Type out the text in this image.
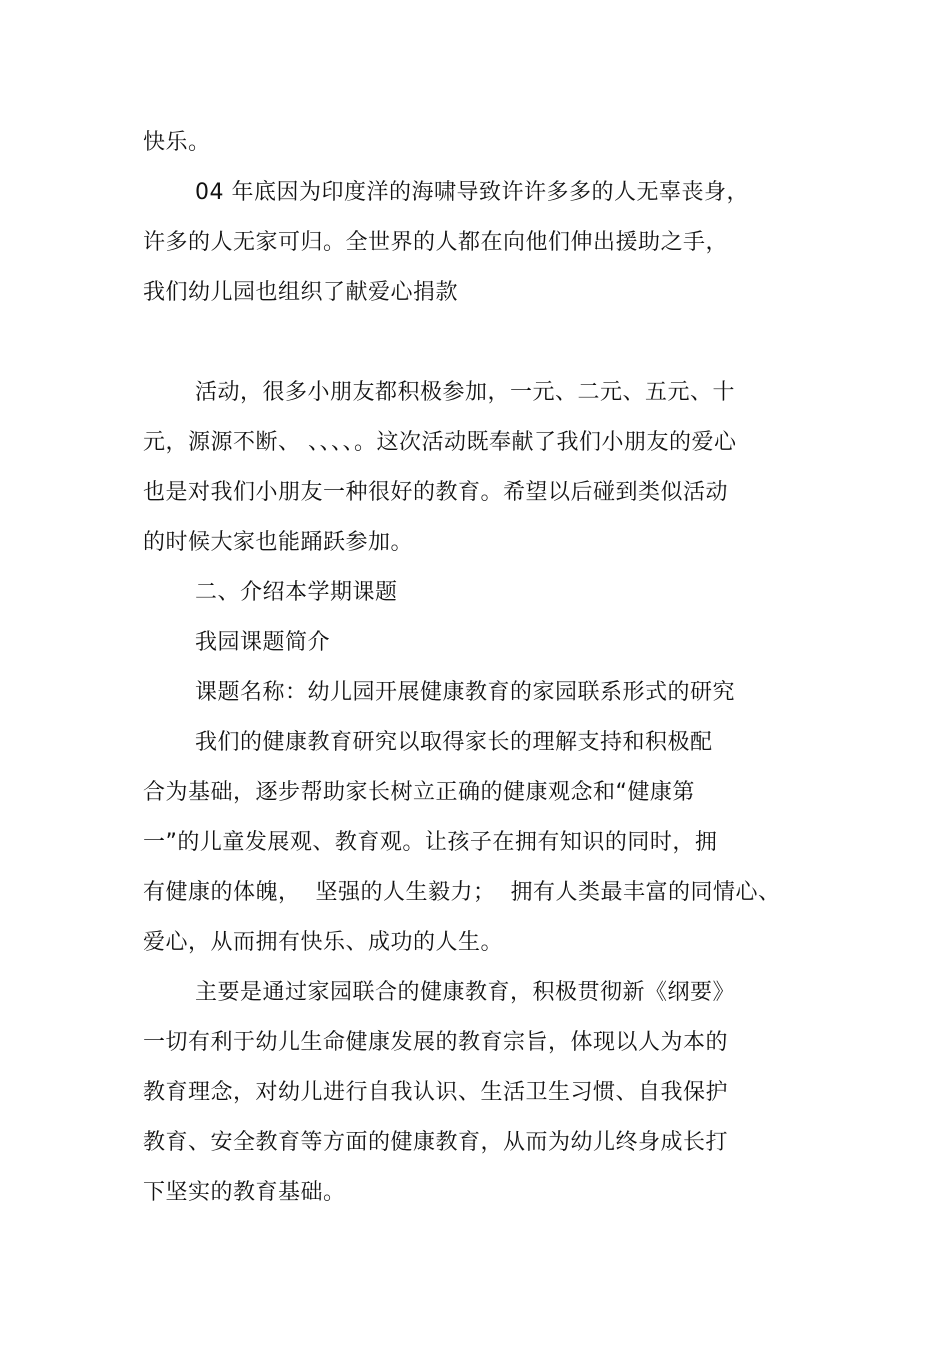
快乐。
04 年底因为印度洋的海啸导致许许多多的人无辜丧身，
许多的人无家可归。全世界的人都在向他们伸出援助之手，
我们幼儿园也组织了献爱心捐款
活动，很多小朋友都积极参加，一元、二元、五元、十
元，源源不断、 、、、、。这次活动既奉献了我们小朋友的爱心
也是对我们小朋友一种很好的教育。希望以后碰到类似活动
的时候大家也能踊跃参加。
二、介绍本学期课题
我园课题简介
课题名称：幼儿园开展健康教育的家园联系形式的研究
我们的健康教育研究以取得家长的理解支持和积极配
合为基础，逐步帮助家长树立正确的健康观念和“健康第
一”的儿童发展观、教育观。让孩子在拥有知识的同时，拥
有健康的体魄，  坚强的人生毅力；  拥有人类最丰富的同情心、
爱心，从而拥有快乐、成功的人生。
主要是通过家园联合的健康教育，积极贯彻新《纲要》
一切有利于幼儿生命健康发展的教育宗旨，体现以人为本的
教育理念，对幼儿进行自我认识、生活卫生习惯、自我保护
教育、安全教育等方面的健康教育，从而为幼儿终身成长打
下坚实的教育基础。
